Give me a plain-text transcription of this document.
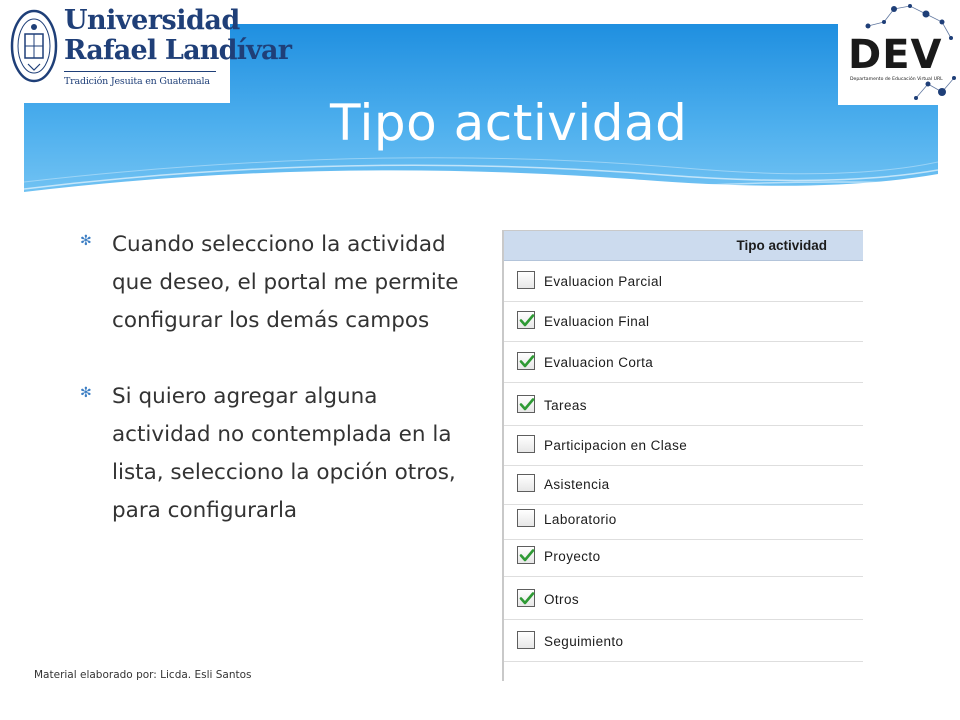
Tipo actividad
Universidad
Rafael Landívar
Tradición Jesuita en Guatemala
DEV
Departamento de Educación Virtual URL
✻ Cuando selecciono la actividad que deseo, el portal me permite configurar los demás campos
✻ Si quiero agregar alguna actividad no contemplada en la lista, selecciono la opción otros, para configurarla
Tipo actividad
Evaluacion Parcial
Evaluacion Final
Evaluacion Corta
Tareas
Participacion en Clase
Asistencia
Laboratorio
Proyecto
Otros
Seguimiento
Material elaborado por: Licda. Esli Santos
